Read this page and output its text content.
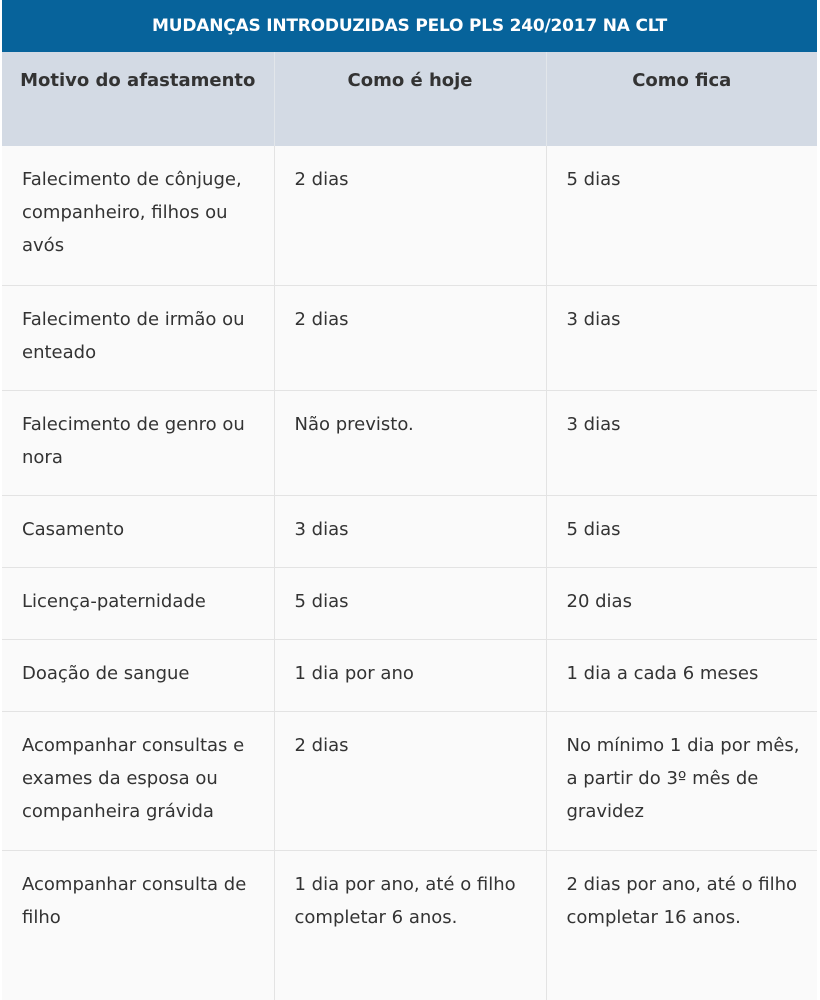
MUDANÇAS INTRODUZIDAS PELO PLS 240/2017 NA CLT
Motivo do afastamento	Como é hoje	Como fica
Falecimento de cônjuge, companheiro, filhos ou avós	2 dias	5 dias
Falecimento de irmão ou enteado	2 dias	3 dias
Falecimento de genro ou nora	Não previsto.	3 dias
Casamento	3 dias	5 dias
Licença-paternidade	5 dias	20 dias
Doação de sangue	1 dia por ano	1 dia a cada 6 meses
Acompanhar consultas e exames da esposa ou companheira grávida	2 dias	No mínimo 1 dia por mês, a partir do 3º mês de gravidez
Acompanhar consulta de filho	1 dia por ano, até o filho completar 6 anos.	2 dias por ano, até o filho completar 16 anos.
